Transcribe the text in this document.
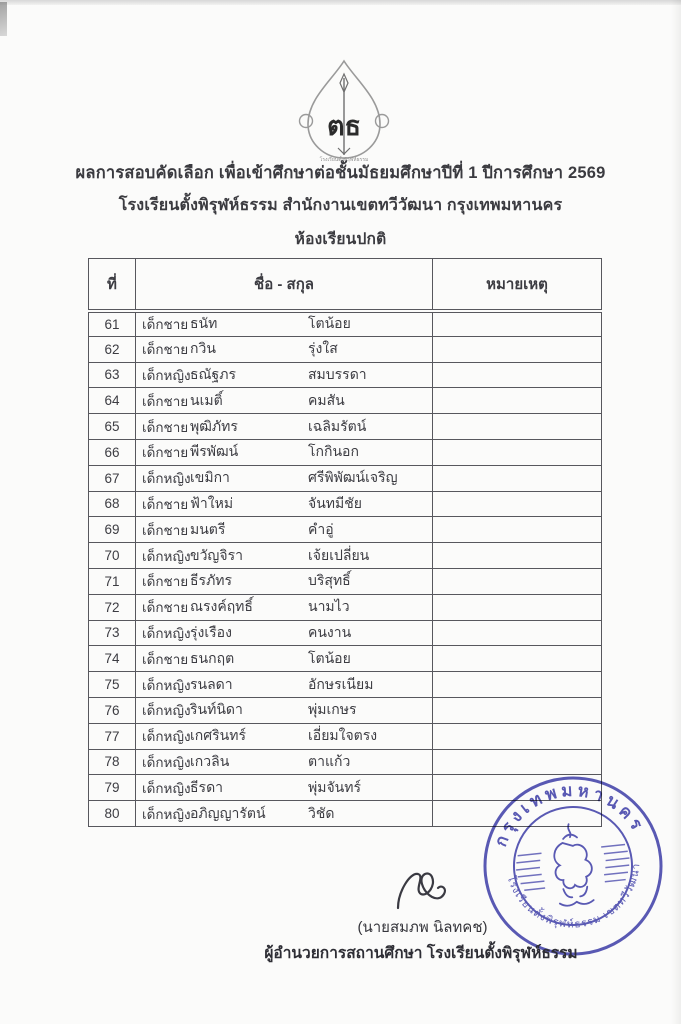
ตธ
โรงเรียนตั้งพิรุฬห์ธรรม
ผลการสอบคัดเลือก เพื่อเข้าศึกษาต่อชั้นมัธยมศึกษาปีที่ 1 ปีการศึกษา 2569
โรงเรียนตั้งพิรุฬห์ธรรม สำนักงานเขตทวีวัฒนา กรุงเทพมหานคร
ห้องเรียนปกติ
ที่	ชื่อ - สกุล	หมายเหตุ
61	เด็กชาย ธนัท โตน้อย	

62	เด็กชาย กวิน รุ่งใส	

63	เด็กหญิง ธณัฐภร สมบรรดา	

64	เด็กชาย นเมติ์ คมสัน	

65	เด็กชาย พุฒิภัทร เฉลิมรัตน์	

66	เด็กชาย พีรพัฒน์ โกกินอก	

67	เด็กหญิง เขมิกา ศรีพิพัฒน์เจริญ	

68	เด็กชาย ฟ้าใหม่ จันทมีชัย	

69	เด็กชาย มนตรี คำอู่	

70	เด็กหญิง ขวัญจิรา เจ้ยเปลี่ยน	

71	เด็กชาย ธีรภัทร บริสุทธิ์	

72	เด็กชาย ณรงค์ฤทธิ์ นามไว	

73	เด็กหญิง รุ่งเรือง คนงาน	

74	เด็กชาย ธนกฤต โตน้อย	

75	เด็กหญิง รนลดา อักษรเนียม	

76	เด็กหญิง รินท์นิดา พุ่มเกษร	

77	เด็กหญิง เกศรินทร์ เอี่ยมใจตรง	

78	เด็กหญิง เกวลิน ตาแก้ว	

79	เด็กหญิง ธีรดา พุ่มจันทร์	

80	เด็กหญิง อภิญญารัตน์ วิชัด	

กรุงเทพมหานคร
โรงเรียนตั้งพิรุฬห์ธรรม เขตทวีวัฒนา
(นายสมภพ นิลทคช)
ผู้อำนวยการสถานศึกษา โรงเรียนตั้งพิรุฬห์ธรรม
